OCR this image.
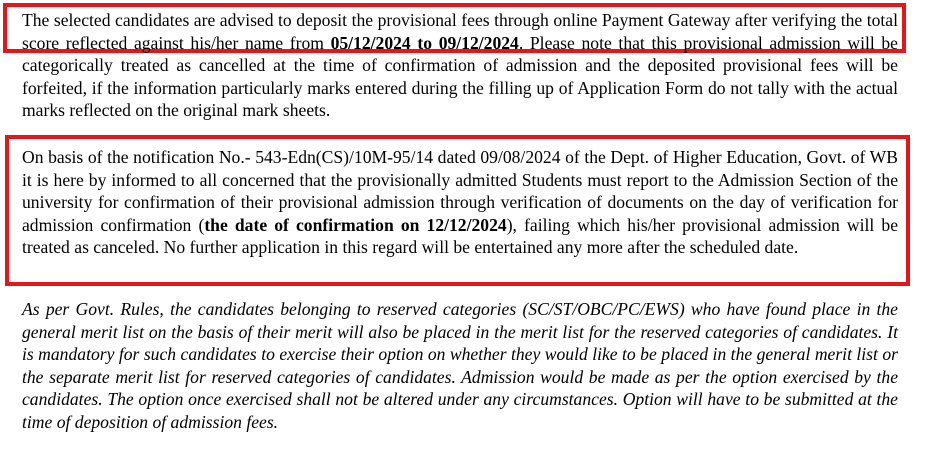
The selected candidates are advised to deposit the provisional fees through online Payment Gateway after verifying the total score reflected against his/her name from 05/12/2024 to 09/12/2024. Please note that this provisional admission will be categorically treated as cancelled at the time of confirmation of admission and the deposited provisional fees will be forfeited, if the information particularly marks entered during the filling up of Application Form do not tally with the actual marks reflected on the original mark sheets.

On basis of the notification No.- 543-Edn(CS)/10M-95/14 dated 09/08/2024 of the Dept. of Higher Education, Govt. of WB it is here by informed to all concerned that the provisionally admitted Students must report to the Admission Section of the university for confirmation of their provisional admission through verification of documents on the day of verification for admission confirmation (the date of confirmation on 12/12/2024), failing which his/her provisional admission will be treated as canceled. No further application in this regard will be entertained any more after the scheduled date.

As per Govt. Rules, the candidates belonging to reserved categories (SC/ST/OBC/PC/EWS) who have found place in the general merit list on the basis of their merit will also be placed in the merit list for the reserved categories of candidates. It is mandatory for such candidates to exercise their option on whether they would like to be placed in the general merit list or the separate merit list for reserved categories of candidates. Admission would be made as per the option exercised by the candidates. The option once exercised shall not be altered under any circumstances. Option will have to be submitted at the time of deposition of admission fees.
